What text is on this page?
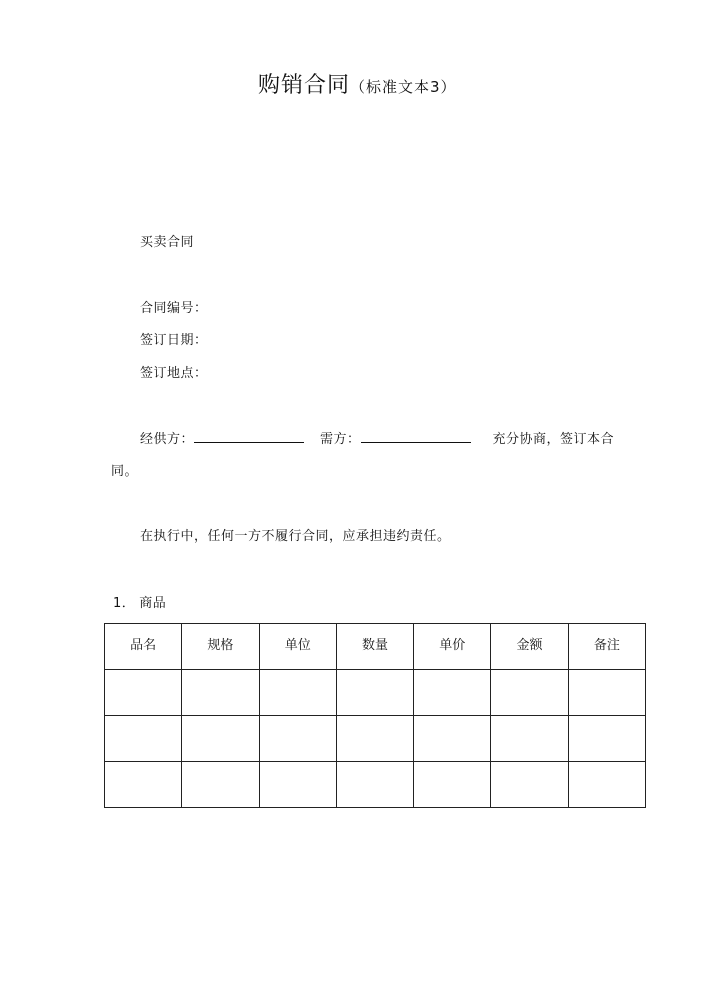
购销合同（标准文本3）
买卖合同
合同编号：
签订日期：
签订地点：
经供方：	需方：	充分协商，签订本合
同。
在执行中，任何一方不履行合同，应承担违约责任。
1． 商品
品名	规格	单位	数量	单价	金额	备注
